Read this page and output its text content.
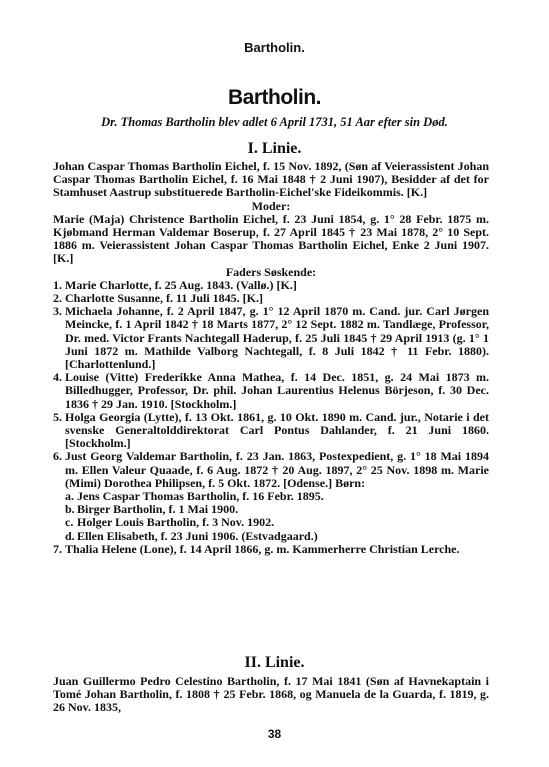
Bartholin.
Bartholin.
Dr. Thomas Bartholin blev adlet 6 April 1731, 51 Aar efter sin Død.
I. Linie.

Johan Caspar Thomas Bartholin Eichel, f. 15 Nov. 1892, (Søn af Veierassistent Johan Caspar Thomas Bartholin Eichel, f. 16 Mai 1848 † 2 Juni 1907), Besidder af det for Stamhuset Aastrup substituerede Bartholin-Eichel'ske Fideikommis. [K.]

Moder:

Marie (Maja) Christence Bartholin Eichel, f. 23 Juni 1854, g. 1° 28 Febr. 1875 m. Kjøbmand Herman Valdemar Boserup, f. 27 April 1845 † 23 Mai 1878, 2° 10 Sept. 1886 m. Veierassistent Johan Caspar Thomas Bartholin Eichel, Enke 2 Juni 1907. [K.]

Faders Søskende:

1. Marie Charlotte, f. 25 Aug. 1843. (Vallø.) [K.]
2. Charlotte Susanne, f. 11 Juli 1845. [K.]
3. Michaela Johanne, f. 2 April 1847, g. 1° 12 April 1870 m. Cand. jur. Carl Jørgen Meincke, f. 1 April 1842 † 18 Marts 1877, 2° 12 Sept. 1882 m. Tandlæge, Professor, Dr. med. Victor Frants Nachtegall Haderup, f. 25 Juli 1845 † 29 April 1913 (g. 1° 1 Juni 1872 m. Mathilde Valborg Nachtegall, f. 8 Juli 1842 † 11 Febr. 1880). [Charlottenlund.]
4. Louise (Vitte) Frederikke Anna Mathea, f. 14 Dec. 1851, g. 24 Mai 1873 m. Billedhugger, Professor, Dr. phil. Johan Laurentius Helenus Börjeson, f. 30 Dec. 1836 † 29 Jan. 1910. [Stockholm.]
5. Holga Georgia (Lytte), f. 13 Okt. 1861, g. 10 Okt. 1890 m. Cand. jur., Notarie i det svenske Generaltolddirektorat Carl Pontus Dahlander, f. 21 Juni 1860. [Stockholm.]
6. Just Georg Valdemar Bartholin, f. 23 Jan. 1863, Postexpedient, g. 1° 18 Mai 1894 m. Ellen Valeur Quaade, f. 6 Aug. 1872 † 20 Aug. 1897, 2° 25 Nov. 1898 m. Marie (Mimi) Dorothea Philipsen, f. 5 Okt. 1872. [Odense.] Børn:
a. Jens Caspar Thomas Bartholin, f. 16 Febr. 1895.
b. Birger Bartholin, f. 1 Mai 1900.
c. Holger Louis Bartholin, f. 3 Nov. 1902.
d. Ellen Elisabeth, f. 23 Juni 1906. (Estvadgaard.)
7. Thalia Helene (Lone), f. 14 April 1866, g. m. Kammerherre Christian Lerche.
II. Linie.

Juan Guillermo Pedro Celestino Bartholin, f. 17 Mai 1841 (Søn af Havnekaptain i Tomé Johan Bartholin, f. 1808 † 25 Febr. 1868, og Manuela de la Guarda, f. 1819, g. 26 Nov. 1835,

38
